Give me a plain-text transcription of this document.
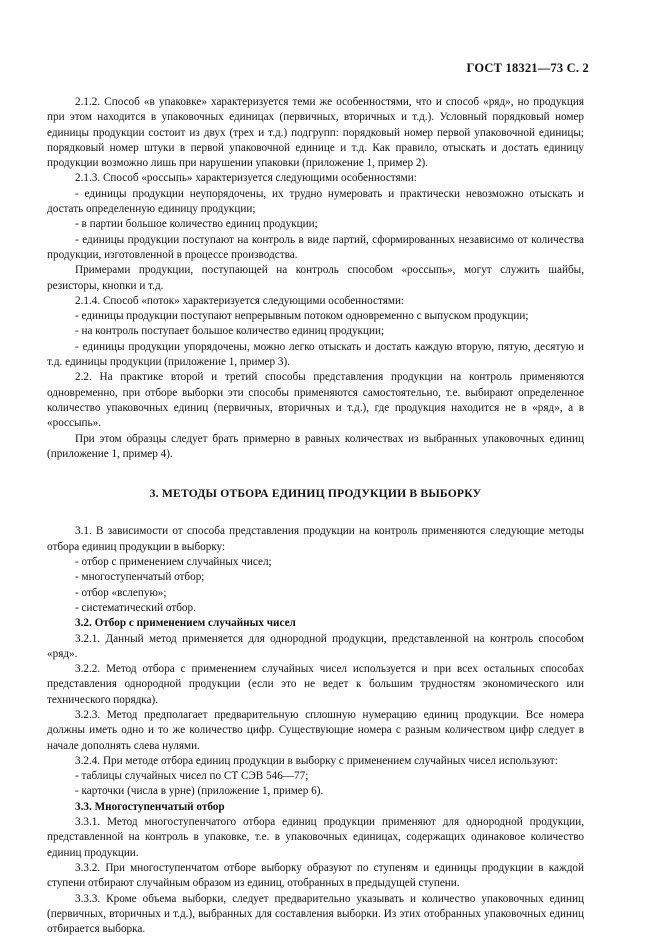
ГОСТ 18321—73 С. 2

2.1.2. Способ «в упаковке» характеризуется теми же особенностями, что и способ «ряд», но продукция при этом находится в упаковочных единицах (первичных, вторичных и т.д.). Условный порядковый номер единицы продукции состоит из двух (трех и т.д.) подгрупп: порядковый номер первой упаковочной единицы; порядковый номер штуки в первой упаковочной единице и т.д. Как правило, отыскать и достать единицу продукции возможно лишь при нарушении упаковки (приложение 1, пример 2).

2.1.3. Способ «россыпь» характеризуется следующими особенностями:

- единицы продукции неупорядочены, их трудно нумеровать и практически невозможно отыскать и достать определенную единицу продукции;

- в партии большое количество единиц продукции;

- единицы продукции поступают на контроль в виде партий, сформированных независимо от количества продукции, изготовленной в процессе производства.

Примерами продукции, поступающей на контроль способом «россыпь», могут служить шайбы, резисторы, кнопки и т.д.

2.1.4. Способ «поток» характеризуется следующими особенностями:

- единицы продукции поступают непрерывным потоком одновременно с выпуском продукции;

- на контроль поступает большое количество единиц продукции;

- единицы продукции упорядочены, можно легко отыскать и достать каждую вторую, пятую, десятую и т.д. единицы продукции (приложение 1, пример 3).

2.2. На практике второй и третий способы представления продукции на контроль применяются одновременно, при отборе выборки эти способы применяются самостоятельно, т.е. выбирают определенное количество упаковочных единиц (первичных, вторичных и т.д.), где продукция находится не в «ряд», а в «россыпь».

При этом образцы следует брать примерно в равных количествах из выбранных упаковочных единиц (приложение 1, пример 4).

3. МЕТОДЫ ОТБОРА ЕДИНИЦ ПРОДУКЦИИ В ВЫБОРКУ

3.1. В зависимости от способа представления продукции на контроль применяются следующие методы отбора единиц продукции в выборку:

- отбор с применением случайных чисел;

- многоступенчатый отбор;

- отбор «вслепую»;

- систематический отбор.

3.2. Отбор с применением случайных чисел

3.2.1. Данный метод применяется для однородной продукции, представленной на контроль способом «ряд».

3.2.2. Метод отбора с применением случайных чисел используется и при всех остальных способах представления однородной продукции (если это не ведет к большим трудностям экономического или технического порядка).

3.2.3. Метод предполагает предварительную сплошную нумерацию единиц продукции. Все номера должны иметь одно и то же количество цифр. Существующие номера с разным количеством цифр следует в начале дополнять слева нулями.

3.2.4. При методе отбора единиц продукции в выборку с применением случайных чисел используют:

- таблицы случайных чисел по СТ СЭВ 546—77;

- карточки (числа в урне) (приложение 1, пример 6).

3.3. Многоступенчатый отбор

3.3.1. Метод многоступенчатого отбора единиц продукции применяют для однородной продукции, представленной на контроль в упаковке, т.е. в упаковочных единицах, содержащих одинаковое количество единиц продукции.

3.3.2. При многоступенчатом отборе выборку образуют по ступеням и единицы продукции в каждой ступени отбирают случайным образом из единиц, отобранных в предыдущей ступени.

3.3.3. Кроме объема выборки, следует предварительно указывать и количество упаковочных единиц (первичных, вторичных и т.д.), выбранных для составления выборки. Из этих отобранных упаковочных единиц отбирается выборка.
